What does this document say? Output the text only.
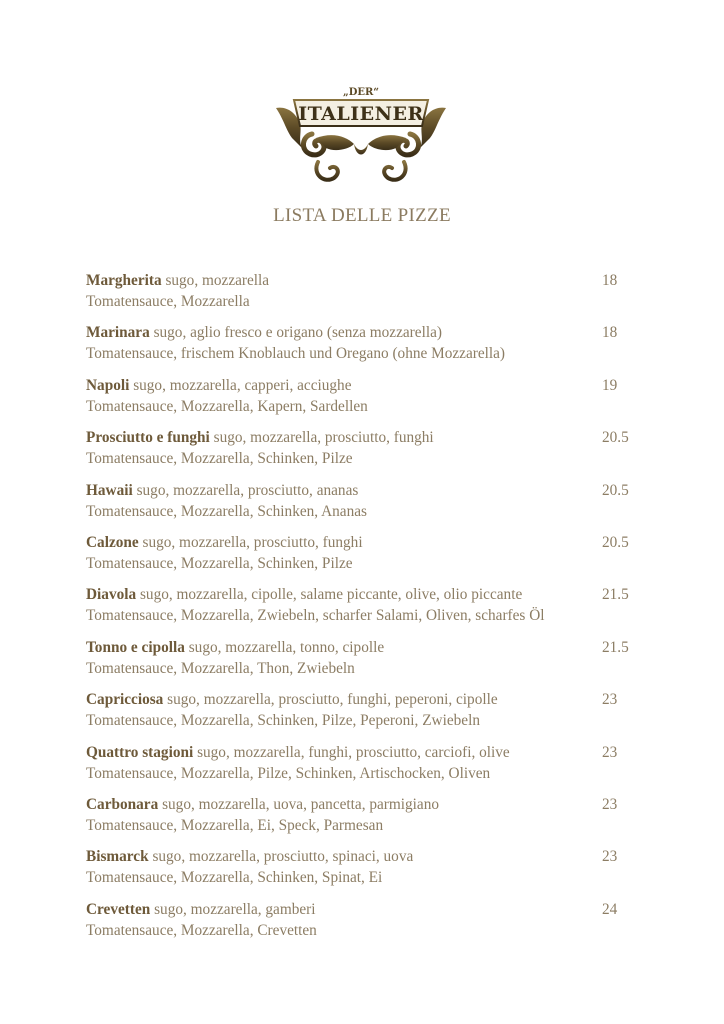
„DER“
ITALIENER
LISTA DELLE PIZZE
Margherita sugo, mozzarella
Tomatensauce, Mozzarella
18
Marinara sugo, aglio fresco e origano (senza mozzarella)
Tomatensauce, frischem Knoblauch und Oregano (ohne Mozzarella)
18
Napoli sugo, mozzarella, capperi, acciughe
Tomatensauce, Mozzarella, Kapern, Sardellen
19
Prosciutto e funghi sugo, mozzarella, prosciutto, funghi
Tomatensauce, Mozzarella, Schinken, Pilze
20.5
Hawaii sugo, mozzarella, prosciutto, ananas
Tomatensauce, Mozzarella, Schinken, Ananas
20.5
Calzone sugo, mozzarella, prosciutto, funghi
Tomatensauce, Mozzarella, Schinken, Pilze
20.5
Diavola sugo, mozzarella, cipolle, salame piccante, olive, olio piccante
Tomatensauce, Mozzarella, Zwiebeln, scharfer Salami, Oliven, scharfes Öl
21.5
Tonno e cipolla sugo, mozzarella, tonno, cipolle
Tomatensauce, Mozzarella, Thon, Zwiebeln
21.5
Capricciosa sugo, mozzarella, prosciutto, funghi, peperoni, cipolle
Tomatensauce, Mozzarella, Schinken, Pilze, Peperoni, Zwiebeln
23
Quattro stagioni sugo, mozzarella, funghi, prosciutto, carciofi, olive
Tomatensauce, Mozzarella, Pilze, Schinken, Artischocken, Oliven
23
Carbonara sugo, mozzarella, uova, pancetta, parmigiano
Tomatensauce, Mozzarella, Ei, Speck, Parmesan
23
Bismarck sugo, mozzarella, prosciutto, spinaci, uova
Tomatensauce, Mozzarella, Schinken, Spinat, Ei
23
Crevetten sugo, mozzarella, gamberi
Tomatensauce, Mozzarella, Crevetten
24
